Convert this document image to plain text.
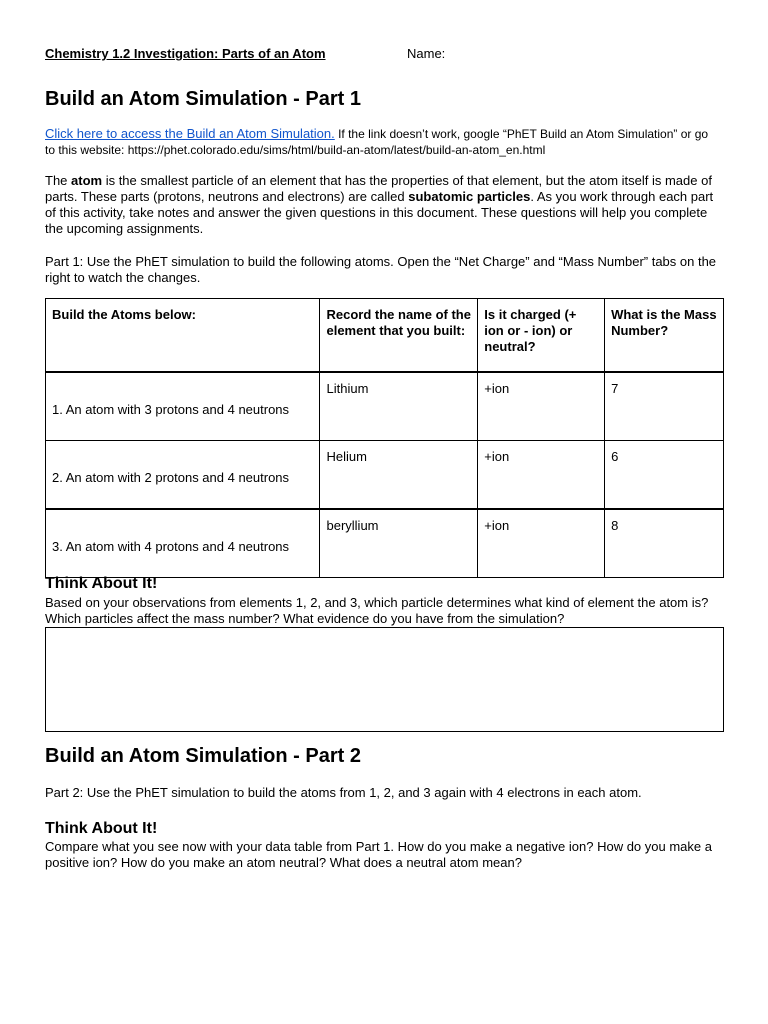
Chemistry 1.2 Investigation: Parts of an Atom	Name:
Build an Atom Simulation - Part 1

Click here to access the Build an Atom Simulation. If the link doesn’t work, google “PhET Build an Atom Simulation” or go
to this website: https://phet.colorado.edu/sims/html/build-an-atom/latest/build-an-atom_en.html

The atom is the smallest particle of an element that has the properties of that element, but the atom itself is made of parts. These parts (protons, neutrons and electrons) are called subatomic particles. As you work through each part of this activity, take notes and answer the given questions in this document. These questions will help you complete the upcoming assignments.

Part 1: Use the PhET simulation to build the following atoms. Open the “Net Charge” and “Mass Number” tabs on the right to watch the changes.

Build the Atoms below:	Record the name of the element that you built:	Is it charged (+ ion or - ion) or neutral?	What is the Mass Number?
1. An atom with 3 protons and 4 neutrons	Lithium	+ion	7
2. An atom with 2 protons and 4 neutrons	Helium	+ion	6
3. An atom with 4 protons and 4 neutrons	beryllium	+ion	8
Think About It!

Based on your observations from elements 1, 2, and 3, which particle determines what kind of element the atom is? Which particles affect the mass number? What evidence do you have from the simulation?

Build an Atom Simulation - Part 2

Part 2: Use the PhET simulation to build the atoms from 1, 2, and 3 again with 4 electrons in each atom.

Think About It!

Compare what you see now with your data table from Part 1. How do you make a negative ion? How do you make a positive ion? How do you make an atom neutral? What does a neutral atom mean?
